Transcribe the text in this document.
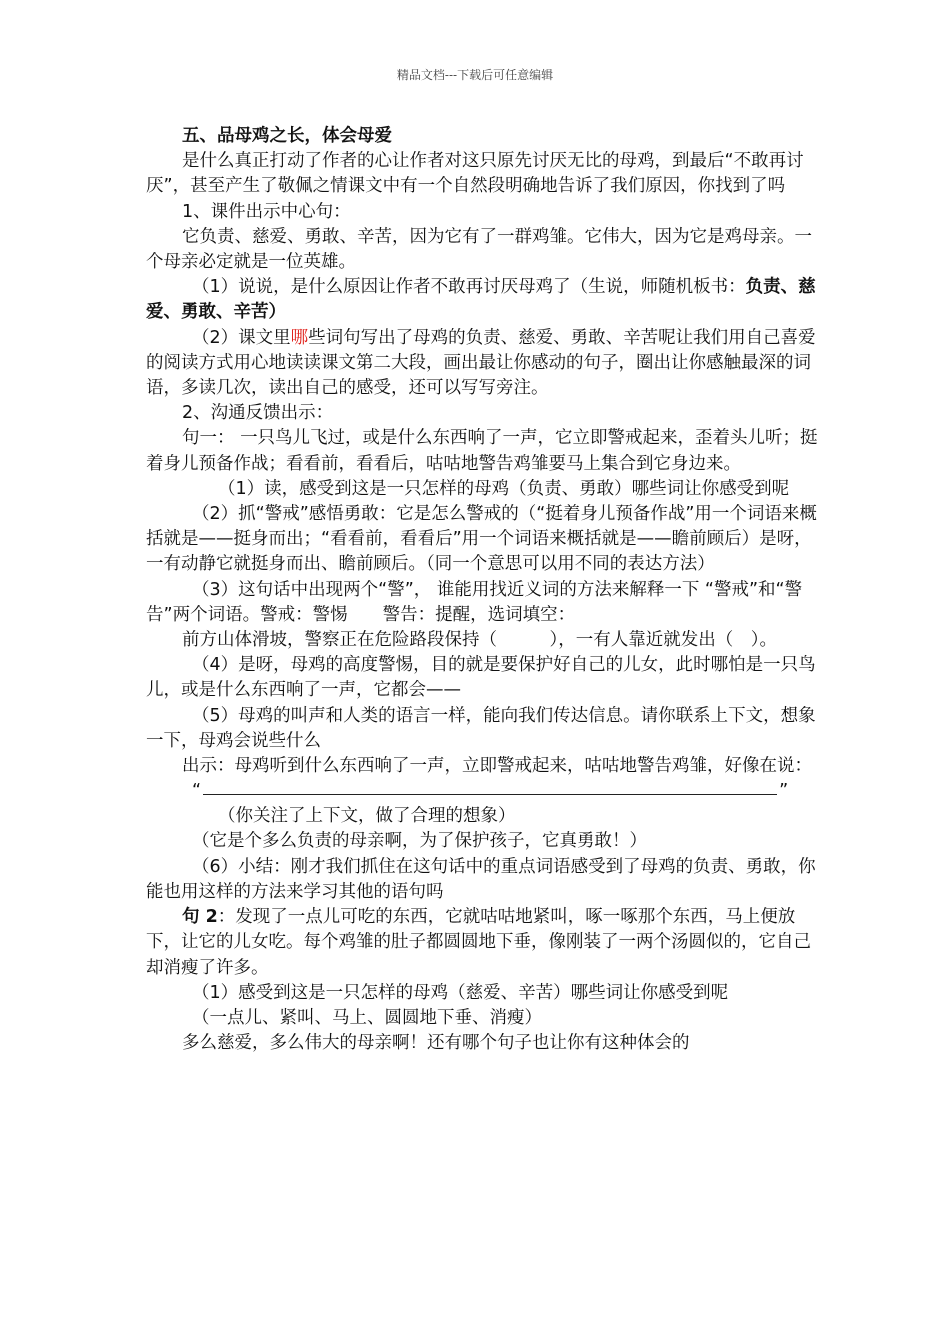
精品文档---下载后可任意编辑

五、品母鸡之长，体会母爱

是什么真正打动了作者的心让作者对这只原先讨厌无比的母鸡，到最后“不敢再讨厌”，甚至产生了敬佩之情课文中有一个自然段明确地告诉了我们原因，你找到了吗

1、课件出示中心句：

它负责、慈爱、勇敢、辛苦，因为它有了一群鸡雏。它伟大，因为它是鸡母亲。一个母亲必定就是一位英雄。

（1）说说，是什么原因让作者不敢再讨厌母鸡了（生说，师随机板书：负责、慈爱、勇敢、辛苦）

（2）课文里哪些词句写出了母鸡的负责、慈爱、勇敢、辛苦呢让我们用自己喜爱的阅读方式用心地读读课文第二大段，画出最让你感动的句子，圈出让你感触最深的词语，多读几次，读出自己的感受，还可以写写旁注。

2、沟通反馈出示：

句一： 一只鸟儿飞过，或是什么东西响了一声，它立即警戒起来，歪着头儿听；挺着身儿预备作战；看看前，看看后，咕咕地警告鸡雏要马上集合到它身边来。

（1）读，感受到这是一只怎样的母鸡（负责、勇敢）哪些词让你感受到呢

（2）抓“警戒”感悟勇敢：它是怎么警戒的（“挺着身儿预备作战”用一个词语来概括就是——挺身而出；“看看前，看看后”用一个词语来概括就是——瞻前顾后）是呀，一有动静它就挺身而出、瞻前顾后。（同一个意思可以用不同的表达方法）

（3）这句话中出现两个“警”， 谁能用找近义词的方法来解释一下 “警戒”和“警告”两个词语。警戒：警惕　　警告：提醒，选词填空：

前方山体滑坡，警察正在危险路段保持（　　　），一有人靠近就发出（　）。

（4）是呀，母鸡的高度警惕，目的就是要保护好自己的儿女，此时哪怕是一只鸟儿，或是什么东西响了一声，它都会——

（5）母鸡的叫声和人类的语言一样，能向我们传达信息。请你联系上下文，想象一下，母鸡会说些什么

出示：母鸡听到什么东西响了一声，立即警戒起来，咕咕地警告鸡雏，好像在说：

“	”

（你关注了上下文，做了合理的想象）

（它是个多么负责的母亲啊，为了保护孩子，它真勇敢！）

（6）小结：刚才我们抓住在这句话中的重点词语感受到了母鸡的负责、勇敢，你能也用这样的方法来学习其他的语句吗

句 2：发现了一点儿可吃的东西，它就咕咕地紧叫，啄一啄那个东西，马上便放下，让它的儿女吃。每个鸡雏的肚子都圆圆地下垂，像刚装了一两个汤圆似的，它自己却消瘦了许多。

（1）感受到这是一只怎样的母鸡（慈爱、辛苦）哪些词让你感受到呢

（一点儿、紧叫、马上、圆圆地下垂、消瘦）

多么慈爱，多么伟大的母亲啊！还有哪个句子也让你有这种体会的
